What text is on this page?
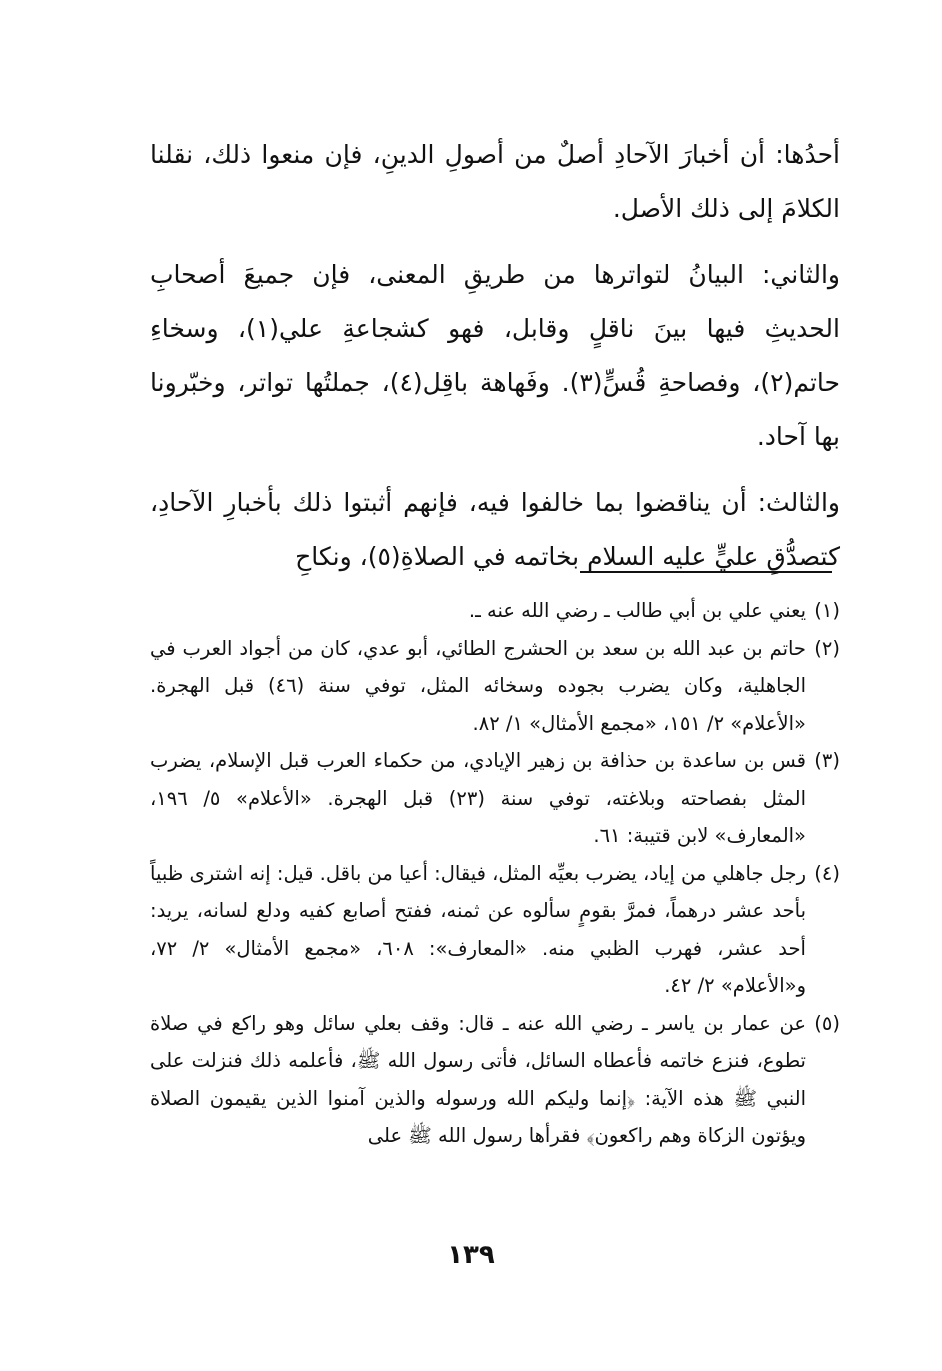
أحدُها: أن أخبارَ الآحادِ أصلٌ من أصولِ الدينِ، فإن منعوا ذلك، نقلنا الكلامَ إلى ذلك الأصل.

والثاني: البيانُ لتواترها من طريقِ المعنى، فإن جميعَ أصحابِ الحديثِ فيها بينَ ناقلٍ وقابل، فهو كشجاعةِ علي(١)، وسخاءِ حاتم(٢)، وفصاحةِ قُسٍّ(٣). وفَهاهة باقِل(٤)، جملتُها تواتر، وخبّرونا بها آحاد.

والثالث: أن يناقضوا بما خالفوا فيه، فإنهم أثبتوا ذلك بأخبارِ الآحادِ، كتصدُّقِ عليٍّ عليه السلام بخاتمه في الصلاةِ(٥)، ونكاحِ

(١)
يعني علي بن أبي طالب ـ رضي الله عنه ـ.

(٢)
حاتم بن عبد الله بن سعد بن الحشرج الطائي، أبو عدي، كان من أجواد العرب في الجاهلية، وكان يضرب بجوده وسخائه المثل، توفي سنة (٤٦) قبل الهجرة. «الأعلام» ٢/ ١٥١، «مجمع الأمثال» ١/ ٨٢.

(٣)
قس بن ساعدة بن حذافة بن زهير الإيادي، من حكماء العرب قبل الإسلام، يضرب المثل بفصاحته وبلاغته، توفي سنة (٢٣) قبل الهجرة. «الأعلام» ٥/ ١٩٦، «المعارف» لابن قتيبة: ٦١.

(٤)
رجل جاهلي من إياد، يضرب بعيِّه المثل، فيقال: أعيا من باقل. قيل: إنه اشترى ظبياً بأحد عشر درهماً، فمرَّ بقومٍ سألوه عن ثمنه، ففتح أصابع كفيه ودلع لسانه، يريد: أحد عشر، فهرب الظبي منه. «المعارف»: ٦٠٨، «مجمع الأمثال» ٢/ ٧٢، و«الأعلام» ٢/ ٤٢.

(٥)
عن عمار بن ياسر ـ رضي الله عنه ـ قال: وقف بعلي سائل وهو راكع في صلاة تطوع، فنزع خاتمه فأعطاه السائل، فأتى رسول الله ﷺ، فأعلمه ذلك فنزلت على النبي ﷺ هذه الآية: ﴿إنما وليكم الله ورسوله والذين آمنوا الذين يقيمون الصلاة ويؤتون الزكاة وهم راكعون﴾ فقرأها رسول الله ﷺ على

١٣٩
